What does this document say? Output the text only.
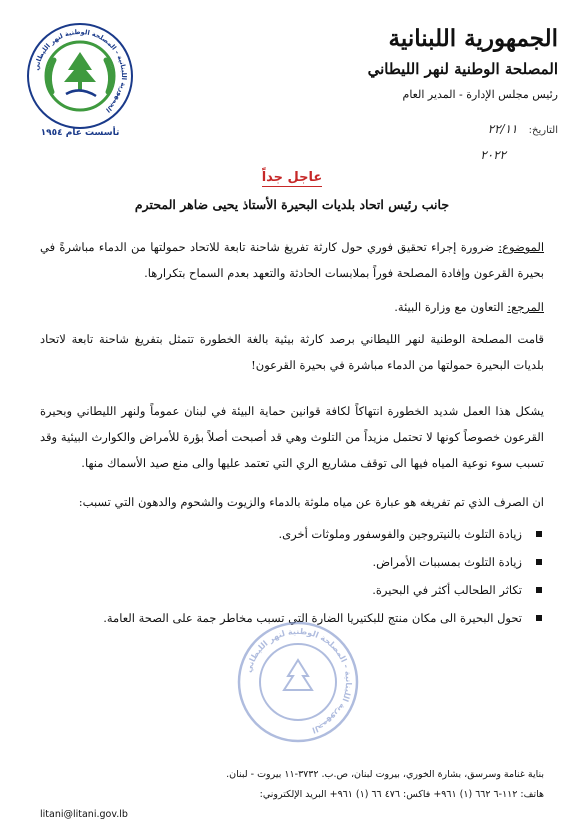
الجمهورية اللبنانية
المصلحة الوطنية لنهر الليطاني
رئيس مجلس الإدارة - المدير العام
التاريخ: ٢٢/١١
٢٠٢٢
الجمهورية اللبنانية - المصلحة الوطنية لنهر الليطاني
تأسست عام ١٩٥٤
عاجل جداً
جانب رئيس اتحاد بلديات البحيرة الأستاذ يحيى ضاهر المحترم
الموضوع: ضرورة إجراء تحقيق فوري حول كارثة تفريغ شاحنة تابعة للاتحاد حمولتها من الدماء مباشرةً في بحيرة القرعون وإفادة المصلحة فوراً بملابسات الحادثة والتعهد بعدم السماح بتكرارها.
المرجع: التعاون مع وزارة البيئة.
قامت المصلحة الوطنية لنهر الليطاني برصد كارثة بيئية بالغة الخطورة تتمثل بتفريغ شاحنة تابعة لاتحاد بلديات البحيرة حمولتها من الدماء مباشرة في بحيرة القرعون!
يشكل هذا العمل شديد الخطورة انتهاكاً لكافة قوانين حماية البيئة في لبنان عموماً ولنهر الليطاني وبحيرة القرعون خصوصاً كونها لا تحتمل مزيداً من التلوث وهي قد أصبحت أصلاً بؤرة للأمراض والكوارث البيئية وقد تسبب سوء نوعية المياه فيها الى توقف مشاريع الري التي تعتمد عليها والى منع صيد الأسماك منها.
ان الصرف الذي تم تفريغه هو عبارة عن مياه ملوثة بالدماء والزيوت والشحوم والدهون التي تسبب:
زيادة التلوث بالنيتروجين والفوسفور وملوثات أخرى.
زيادة التلوث بمسببات الأمراض.
تكاثر الطحالب أكثر في البحيرة.
تحول البحيرة الى مكان منتج للبكتيريا الضارة التي تسبب مخاطر جمة على الصحة العامة.
الجمهورية اللبنانية - المصلحة الوطنية لنهر الليطاني
بناية غنامة وسرسق، بشارة الخوري، بيروت لبنان، ص.ب. ٣٧٣٢-١١ بيروت - لبنان.
هاتف: ١١٢-٦ ٦٦٢ (١) ٩٦١+ فاكس: ٤٧٦ ٦٦ (١) ٩٦١+ البريد الإلكتروني:
litani@litani.gov.lb
